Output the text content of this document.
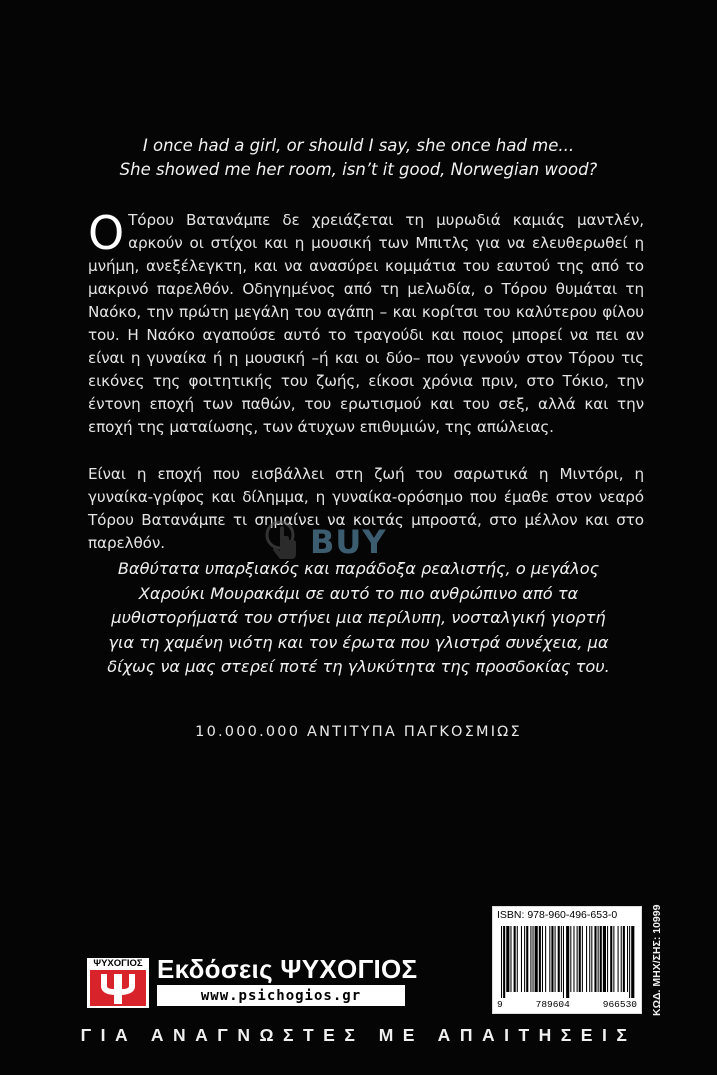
I once had a girl, or should I say, she once had me...
She showed me her room, isn’t it good, Norwegian wood?
O Τόρου Βατανάμπε δε χρειάζεται τη μυρωδιά καμιάς μαντλέν, αρκούν οι στίχοι και η μουσική των Μπιτλς για να ελευθερωθεί η μνήμη, ανεξέλεγκτη, και να ανασύρει κομμάτια του εαυτού της από το μακρινό παρελθόν. Οδηγημένος από τη μελωδία, ο Τόρου θυμάται τη Ναόκο, την πρώτη μεγάλη του αγάπη – και κορίτσι του καλύτερου φίλου του. Η Ναόκο αγαπούσε αυτό το τραγούδι και ποιος μπορεί να πει αν είναι η γυναίκα ή η μουσική –ή και οι δύο– που γεννούν στον Τόρου τις εικόνες της φοιτητικής του ζωής, είκοσι χρόνια πριν, στο Τόκιο, την έντονη εποχή των παθών, του ερωτισμού και του σεξ, αλλά και την εποχή της ματαίωσης, των άτυχων επιθυμιών, της απώλειας.
Είναι η εποχή που εισβάλλει στη ζωή του σαρωτικά η Μιντόρι, η γυναίκα-γρίφος και δίλημμα, η γυναίκα-ορόσημο που έμαθε στον νεαρό Τόρου Βατανάμπε τι σημαίνει να κοιτάς μπροστά, στο μέλλον και στο παρελθόν.	BUY
Βαθύτατα υπαρξιακός και παράδοξα ρεαλιστής, ο μεγάλος Χαρούκι Μουρακάμι σε αυτό το πιο ανθρώπινο από τα μυθιστορήματά του στήνει μια περίλυπη, νοσταλγική γιορτή για τη χαμένη νιότη και τον έρωτα που γλιστρά συνέχεια, μα δίχως να μας στερεί ποτέ τη γλυκύτητα της προσδοκίας του.
10.000.000 ΑΝΤΙΤΥΠΑ ΠΑΓΚΟΣΜΙΩΣ
ISBN: 978-960-496-653-0
9	789604	966530 ΚΩΔ. ΜΗΧ/ΣΗΣ: 10999
ΨΥΧΟΓΙΟΣ Εκδόσεις ΨΥΧΟΓΙΟΣ
www.psichogios.gr
ΓΙΑ ΑΝΑΓΝΩΣΤΕΣ ΜΕ ΑΠΑΙΤΗΣΕΙΣ
